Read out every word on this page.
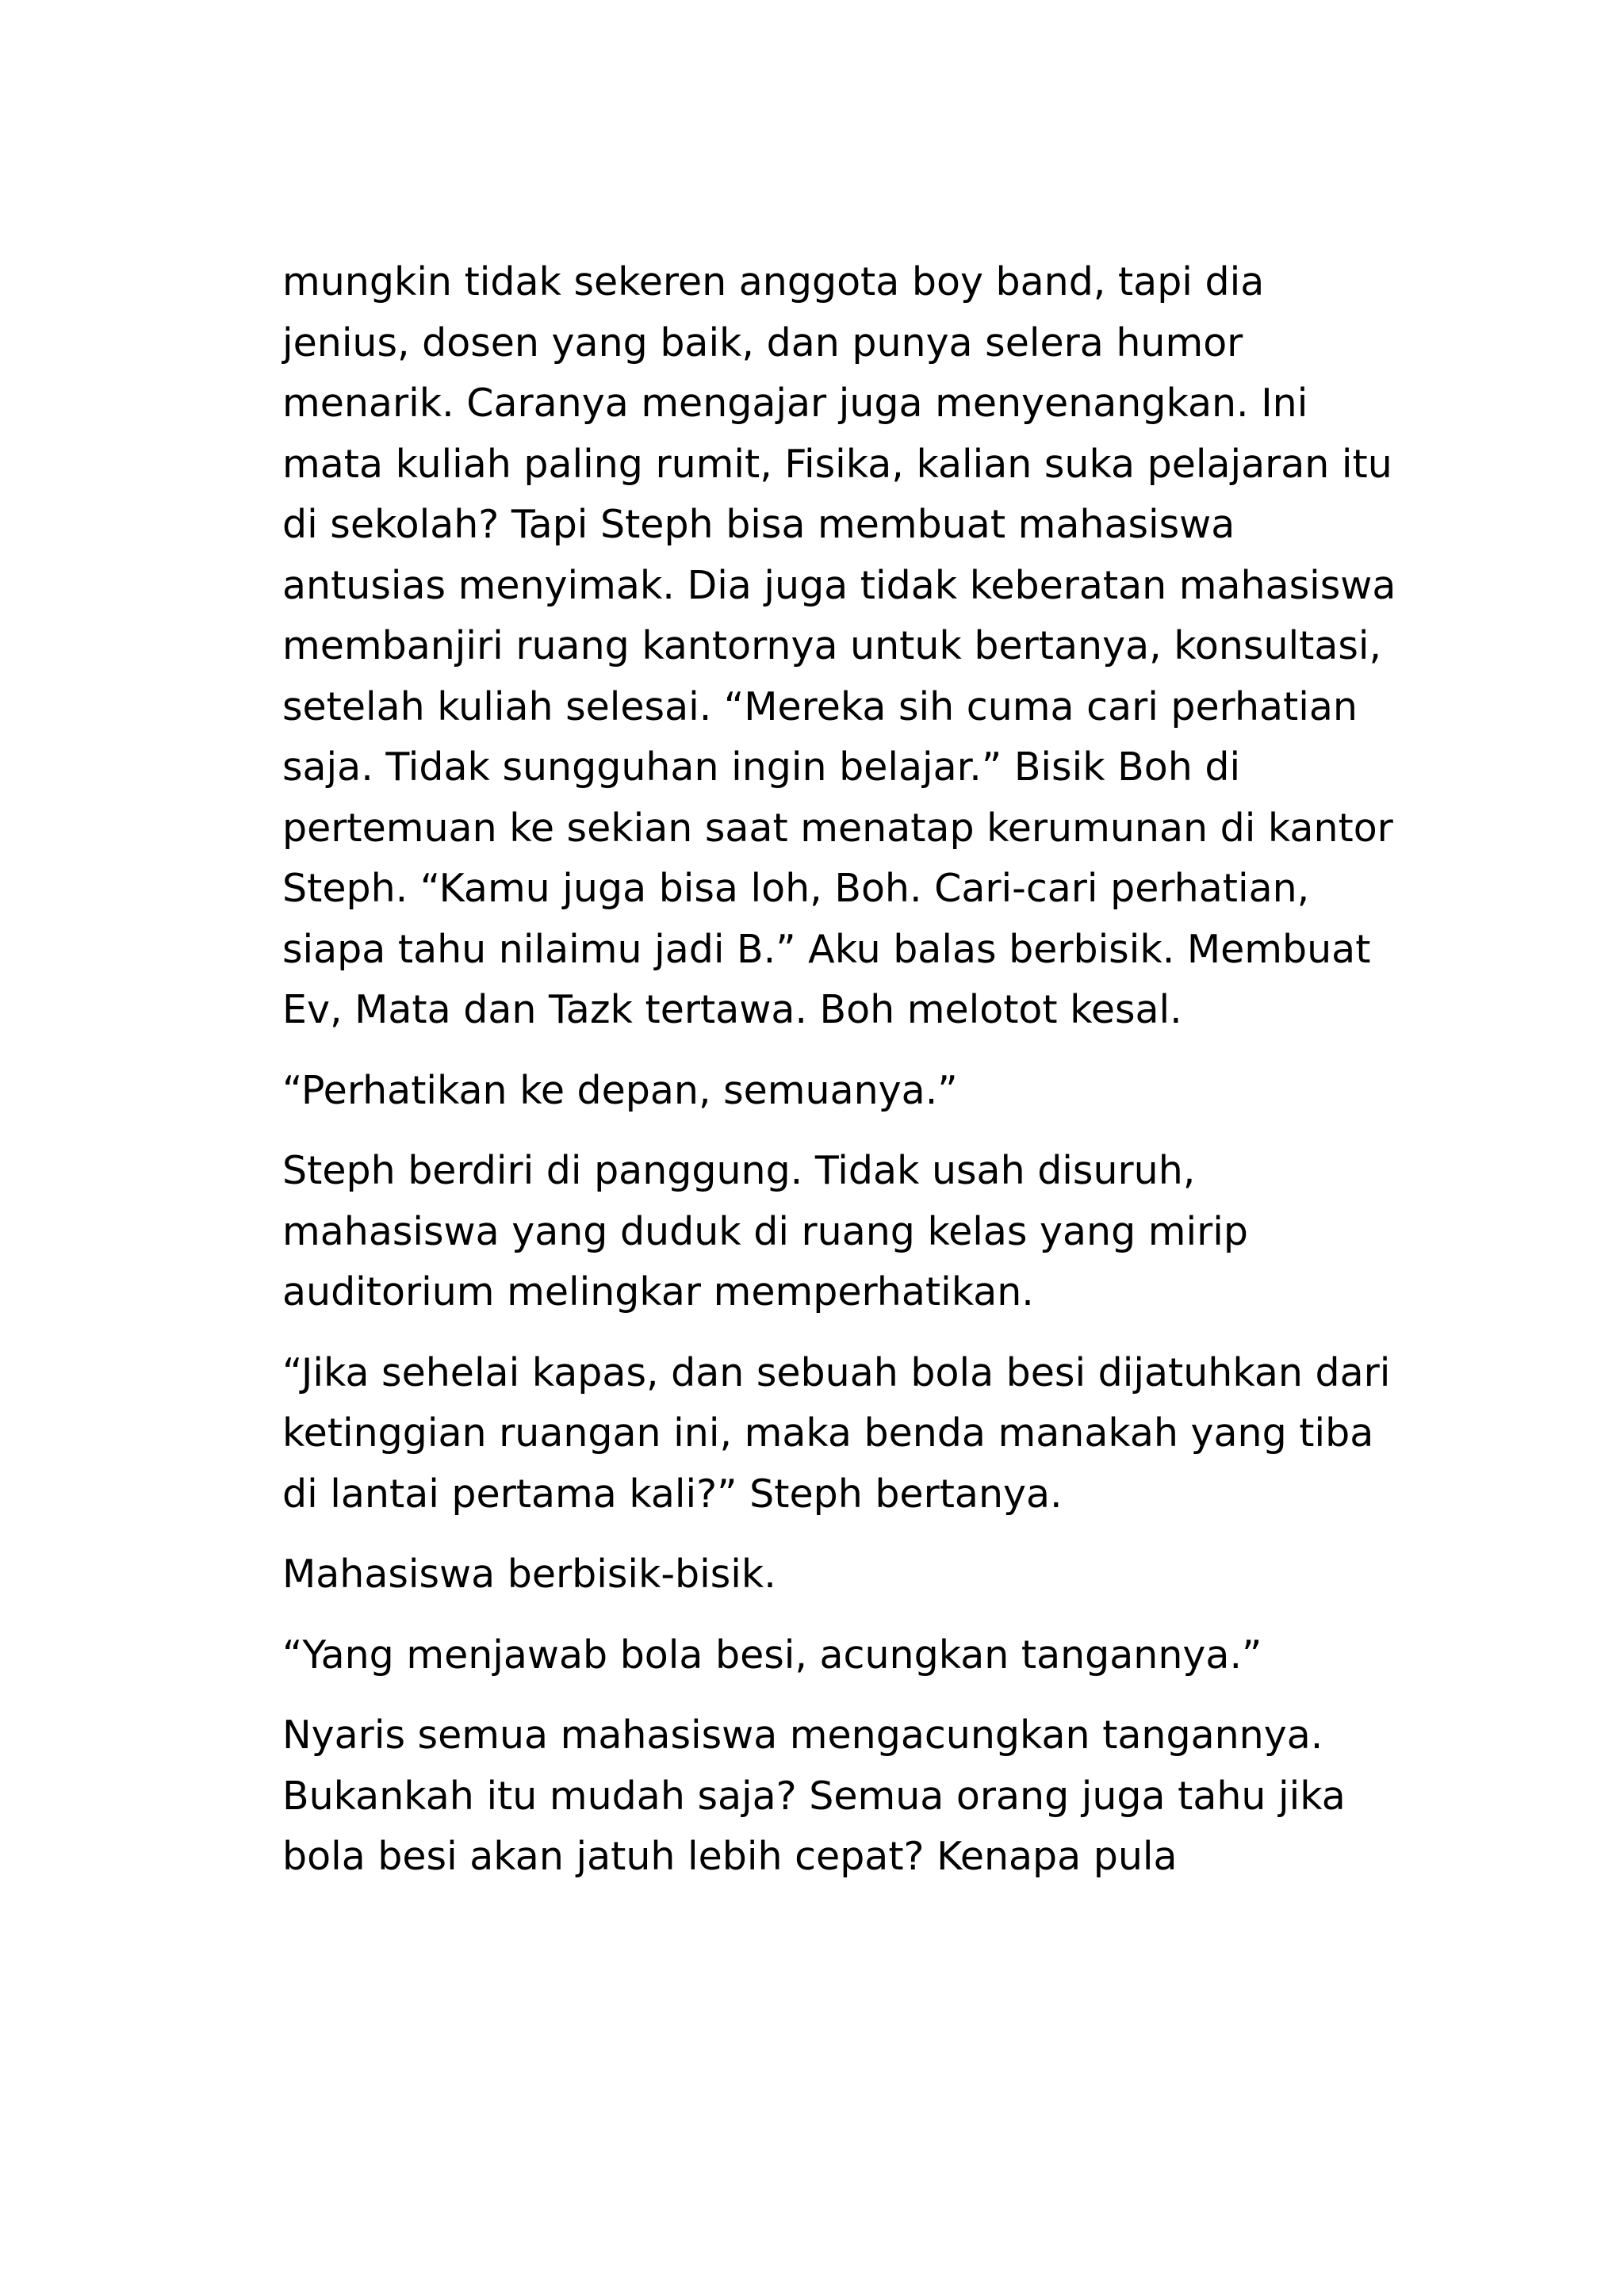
mungkin tidak sekeren anggota boy band, tapi dia
jenius, dosen yang baik, dan punya selera humor
menarik. Caranya mengajar juga menyenangkan. Ini
mata kuliah paling rumit, Fisika, kalian suka pelajaran itu
di sekolah? Tapi Steph bisa membuat mahasiswa
antusias menyimak. Dia juga tidak keberatan mahasiswa
membanjiri ruang kantornya untuk bertanya, konsultasi,
setelah kuliah selesai. “Mereka sih cuma cari perhatian
saja. Tidak sungguhan ingin belajar.” Bisik Boh di
pertemuan ke sekian saat menatap kerumunan di kantor
Steph. “Kamu juga bisa loh, Boh. Cari-cari perhatian,
siapa tahu nilaimu jadi B.” Aku balas berbisik. Membuat
Ev, Mata dan Tazk tertawa. Boh melotot kesal.

“Perhatikan ke depan, semuanya.”

Steph berdiri di panggung. Tidak usah disuruh,
mahasiswa yang duduk di ruang kelas yang mirip
auditorium melingkar memperhatikan.

“Jika sehelai kapas, dan sebuah bola besi dijatuhkan dari
ketinggian ruangan ini, maka benda manakah yang tiba
di lantai pertama kali?” Steph bertanya.

Mahasiswa berbisik-bisik.

“Yang menjawab bola besi, acungkan tangannya.”

Nyaris semua mahasiswa mengacungkan tangannya.
Bukankah itu mudah saja? Semua orang juga tahu jika
bola besi akan jatuh lebih cepat? Kenapa pula
